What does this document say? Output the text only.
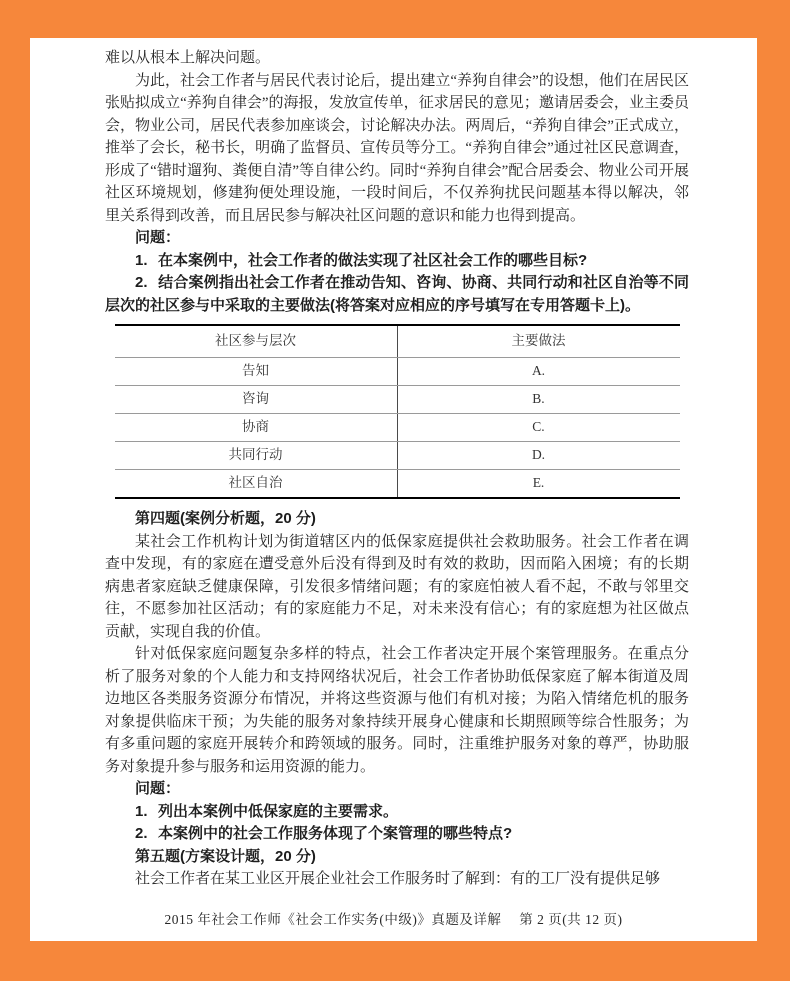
难以从根本上解决问题。

为此，社会工作者与居民代表讨论后，提出建立“养狗自律会”的设想，他们在居民区张贴拟成立“养狗自律会”的海报，发放宣传单，征求居民的意见；邀请居委会，业主委员会，物业公司，居民代表参加座谈会，讨论解决办法。两周后，“养狗自律会”正式成立，推举了会长，秘书长，明确了监督员、宣传员等分工。“养狗自律会”通过社区民意调查，形成了“错时遛狗、粪便自清”等自律公约。同时“养狗自律会”配合居委会、物业公司开展社区环境规划，修建狗便处理设施，一段时间后，不仅养狗扰民问题基本得以解决，邻里关系得到改善，而且居民参与解决社区问题的意识和能力也得到提高。

问题：

1. 在本案例中，社会工作者的做法实现了社区社会工作的哪些目标?

2. 结合案例指出社会工作者在推动告知、咨询、协商、共同行动和社区自治等不同层次的社区参与中采取的主要做法(将答案对应相应的序号填写在专用答题卡上)。

社区参与层次	主要做法
告知	A.
咨询	B.
协商	C.
共同行动	D.
社区自治	E.

第四题(案例分析题，20 分)

某社会工作机构计划为街道辖区内的低保家庭提供社会救助服务。社会工作者在调查中发现，有的家庭在遭受意外后没有得到及时有效的救助，因而陷入困境；有的长期病患者家庭缺乏健康保障，引发很多情绪问题；有的家庭怕被人看不起，不敢与邻里交往，不愿参加社区活动；有的家庭能力不足，对未来没有信心；有的家庭想为社区做点贡献，实现自我的价值。

针对低保家庭问题复杂多样的特点，社会工作者决定开展个案管理服务。在重点分析了服务对象的个人能力和支持网络状况后，社会工作者协助低保家庭了解本街道及周边地区各类服务资源分布情况，并将这些资源与他们有机对接；为陷入情绪危机的服务对象提供临床干预；为失能的服务对象持续开展身心健康和长期照顾等综合性服务；为有多重问题的家庭开展转介和跨领域的服务。同时，注重维护服务对象的尊严，协助服务对象提升参与服务和运用资源的能力。

问题：

1. 列出本案例中低保家庭的主要需求。

2. 本案例中的社会工作服务体现了个案管理的哪些特点?

第五题(方案设计题，20 分)

社会工作者在某工业区开展企业社会工作服务时了解到：有的工厂没有提供足够

2015 年社会工作师《社会工作实务(中级)》真题及详解　 第 2 页(共 12 页)
